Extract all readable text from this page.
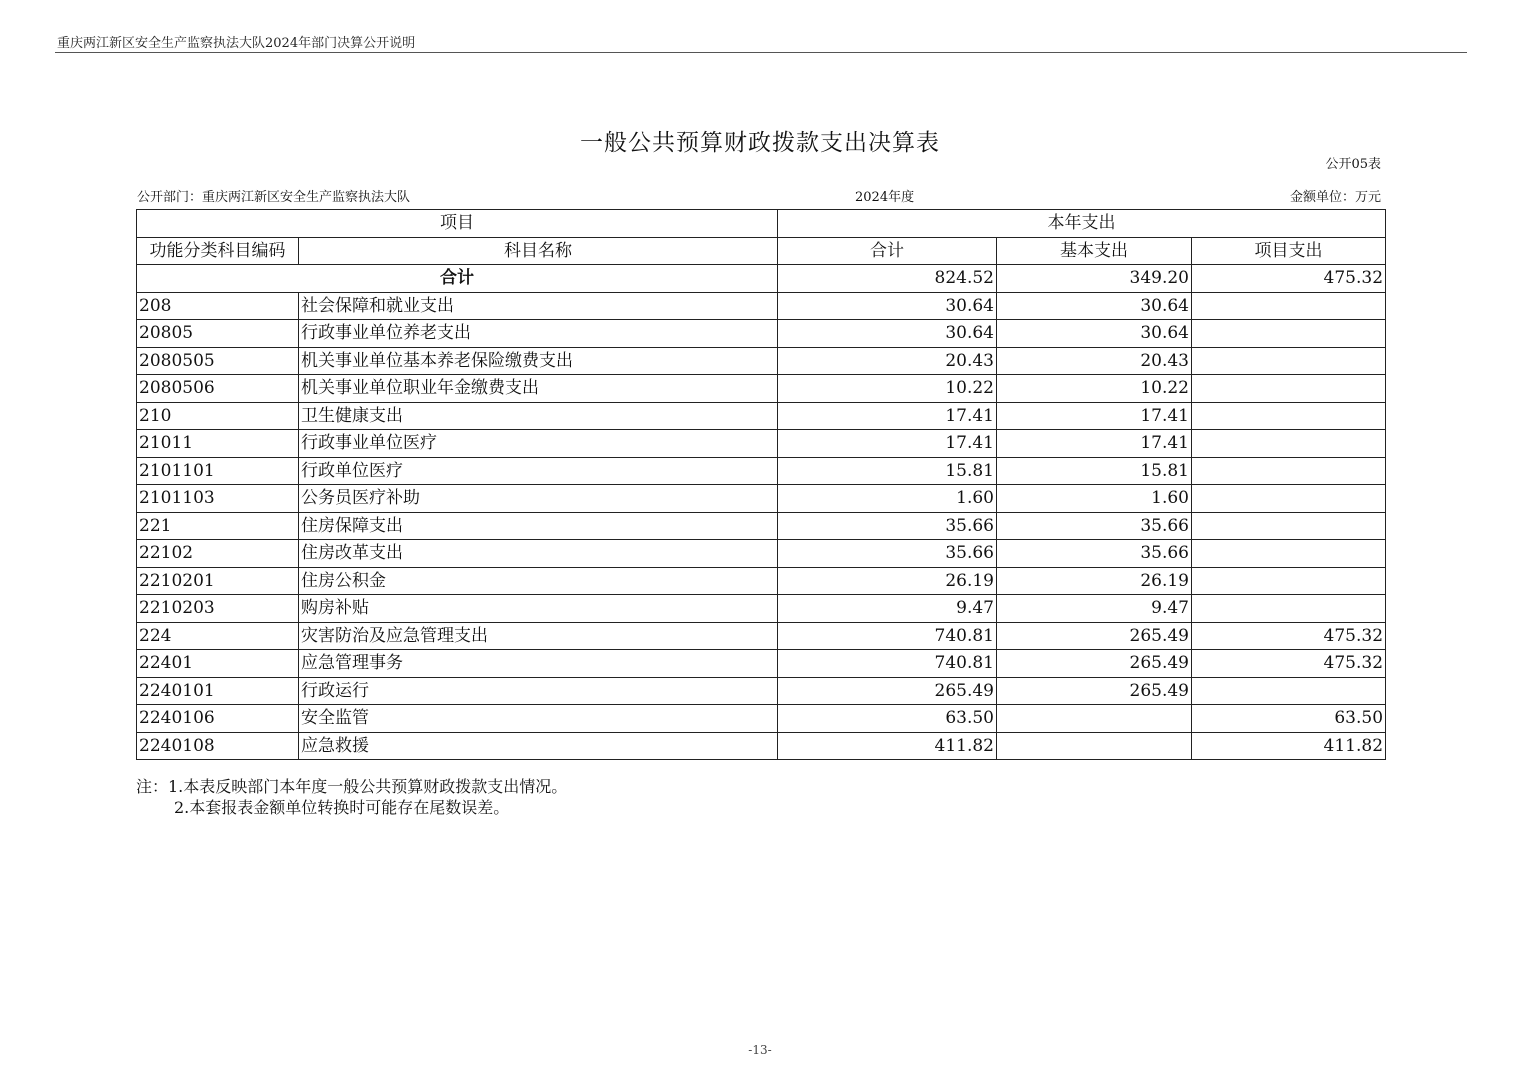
重庆两江新区安全生产监察执法大队2024年部门决算公开说明
一般公共预算财政拨款支出决算表
公开05表
公开部门：重庆两江新区安全生产监察执法大队	2024年度	金额单位：万元
项目		本年支出		
功能分类科目编码	科目名称	合计	基本支出	项目支出
合计		824.52	349.20	475.32
208	社会保障和就业支出	30.64	30.64	
20805	行政事业单位养老支出	30.64	30.64	
2080505	机关事业单位基本养老保险缴费支出	20.43	20.43	
2080506	机关事业单位职业年金缴费支出	10.22	10.22	
210	卫生健康支出	17.41	17.41	
21011	行政事业单位医疗	17.41	17.41	
2101101	行政单位医疗	15.81	15.81	
2101103	公务员医疗补助	1.60	1.60	
221	住房保障支出	35.66	35.66	
22102	住房改革支出	35.66	35.66	
2210201	住房公积金	26.19	26.19	
2210203	购房补贴	9.47	9.47	
224	灾害防治及应急管理支出	740.81	265.49	475.32
22401	应急管理事务	740.81	265.49	475.32
2240101	行政运行	265.49	265.49	
2240106	安全监管	63.50		63.50
2240108	应急救援	411.82		411.82
注：1.本表反映部门本年度一般公共预算财政拨款支出情况。
2.本套报表金额单位转换时可能存在尾数误差。
-13-
